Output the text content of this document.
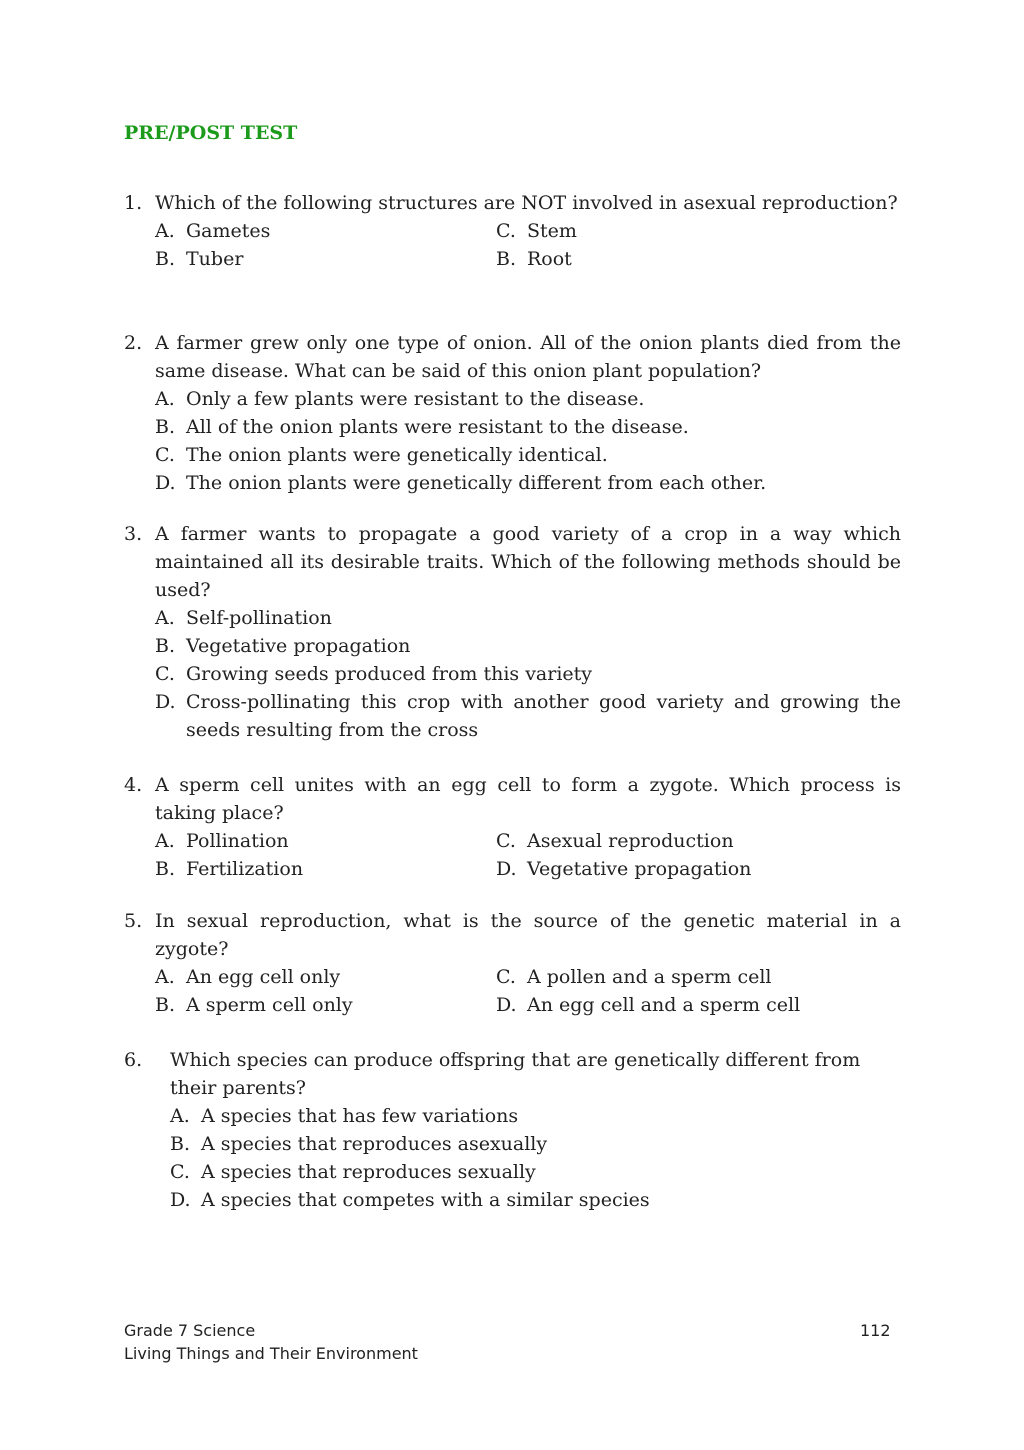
PRE/POST TEST
1. Which of the following structures are NOT involved in asexual reproduction?
A. Gametes	C. Stem
B. Tuber	B. Root
2. A farmer grew only one type of onion. All of the onion plants died from the same disease. What can be said of this onion plant population?
A. Only a few plants were resistant to the disease.
B. All of the onion plants were resistant to the disease.
C. The onion plants were genetically identical.
D. The onion plants were genetically different from each other.
3. A farmer wants to propagate a good variety of a crop in a way which maintained all its desirable traits. Which of the following methods should be used?
A. Self-pollination
B. Vegetative propagation
C. Growing seeds produced from this variety
D. Cross-pollinating this crop with another good variety and growing the seeds resulting from the cross
4. A sperm cell unites with an egg cell to form a zygote. Which process is taking place?
A. Pollination	C. Asexual reproduction
B. Fertilization	D. Vegetative propagation
5. In sexual reproduction, what is the source of the genetic material in a zygote?
A. An egg cell only	C. A pollen and a sperm cell
B. A sperm cell only	D. An egg cell and a sperm cell
6. Which species can produce offspring that are genetically different from their parents?
A. A species that has few variations
B. A species that reproduces asexually
C. A species that reproduces sexually
D. A species that competes with a similar species
Grade 7 Science
Living Things and Their Environment
112
